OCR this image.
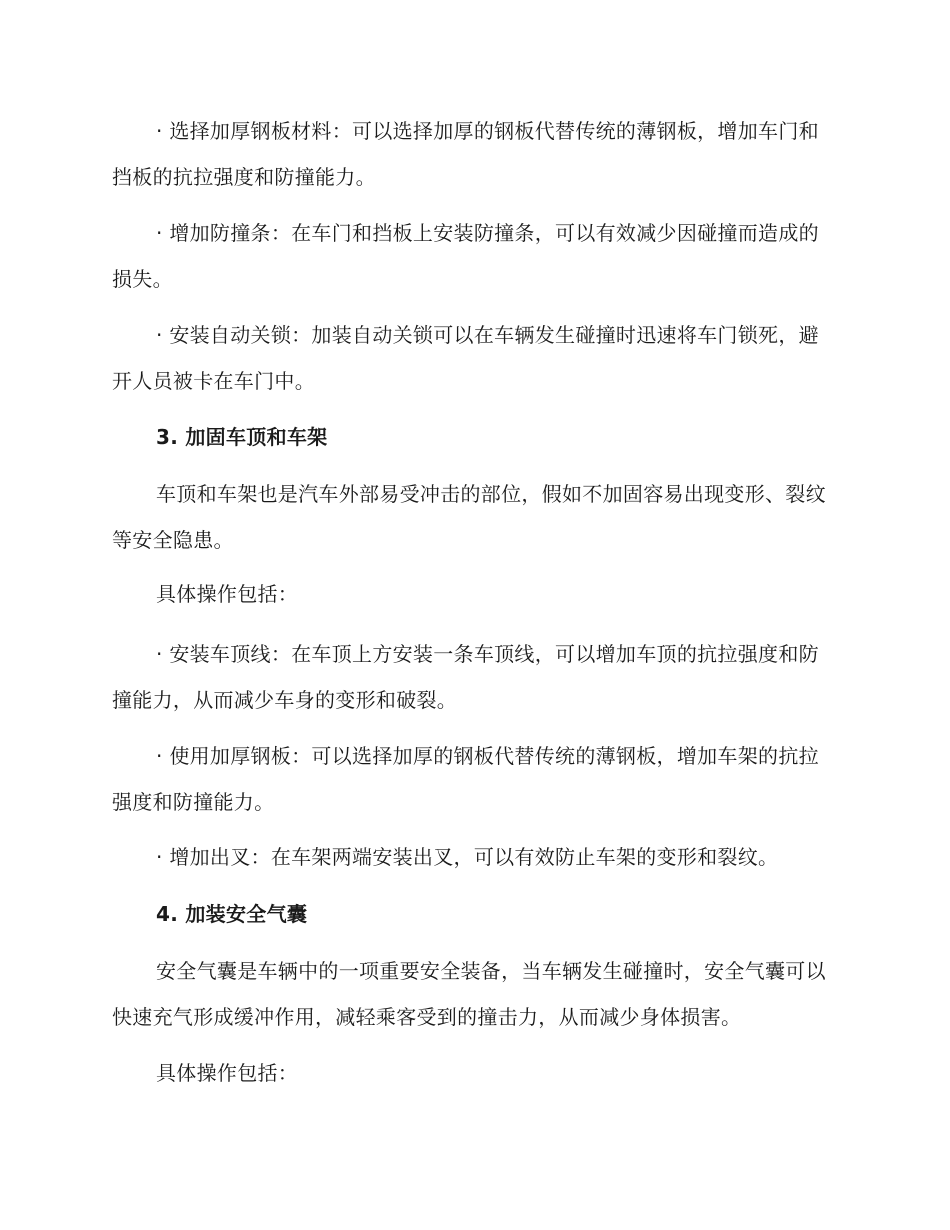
· 选择加厚钢板材料：可以选择加厚的钢板代替传统的薄钢板，增加车门和挡板的抗拉强度和防撞能力。

· 增加防撞条：在车门和挡板上安装防撞条，可以有效减少因碰撞而造成的损失。

· 安装自动关锁：加装自动关锁可以在车辆发生碰撞时迅速将车门锁死，避开人员被卡在车门中。

3. 加固车顶和车架

车顶和车架也是汽车外部易受冲击的部位，假如不加固容易出现变形、裂纹等安全隐患。

具体操作包括：

· 安装车顶线：在车顶上方安装一条车顶线，可以增加车顶的抗拉强度和防撞能力，从而减少车身的变形和破裂。

· 使用加厚钢板：可以选择加厚的钢板代替传统的薄钢板，增加车架的抗拉强度和防撞能力。

· 增加出叉：在车架两端安装出叉，可以有效防止车架的变形和裂纹。

4. 加装安全气囊

安全气囊是车辆中的一项重要安全装备，当车辆发生碰撞时，安全气囊可以快速充气形成缓冲作用，减轻乘客受到的撞击力，从而减少身体损害。

具体操作包括：
